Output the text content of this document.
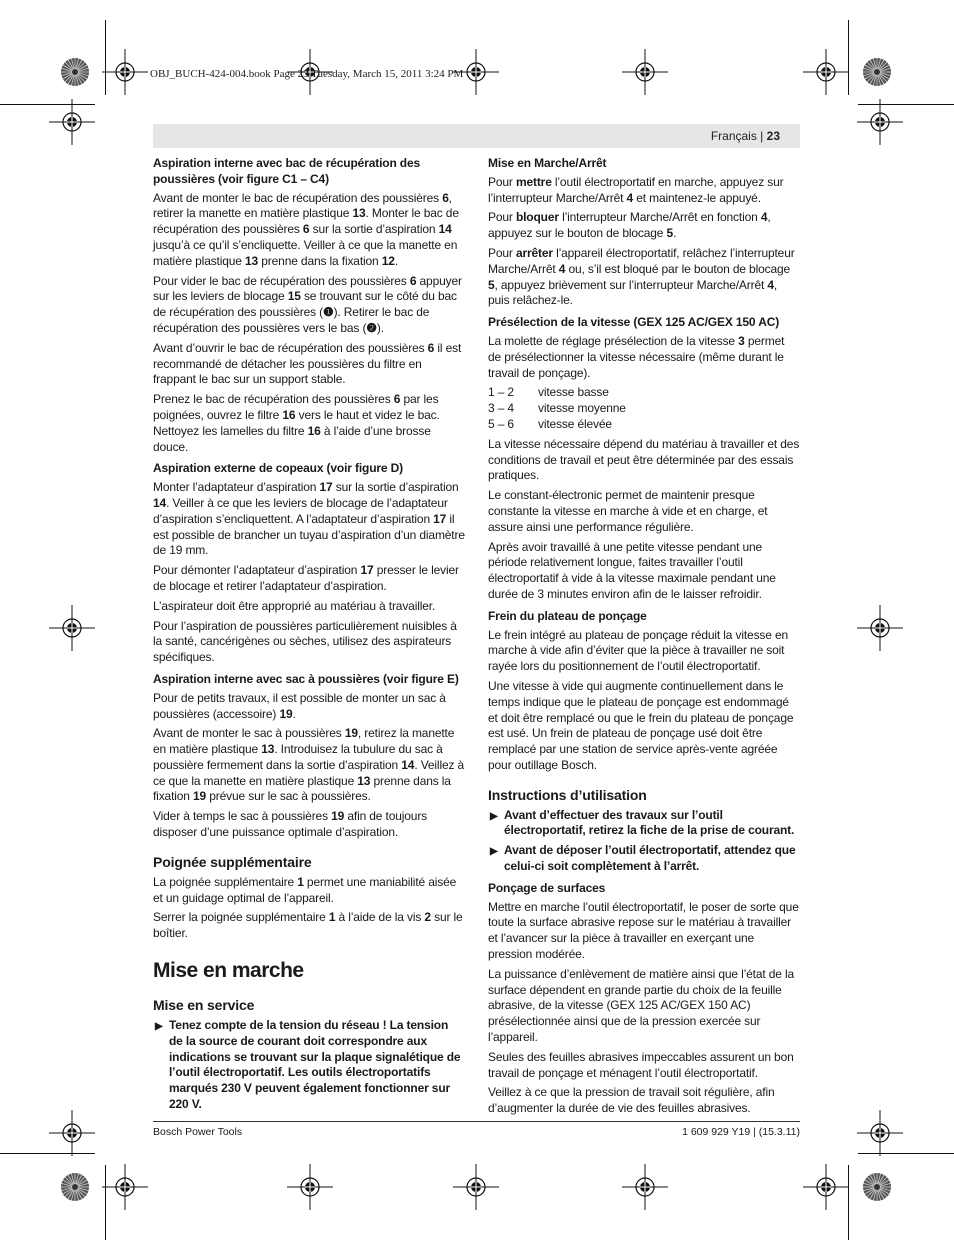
OBJ_BUCH-424-004.book Page 23 Tuesday, March 15, 2011 3:24 PM
Français | 23
Aspiration interne avec bac de récupération des poussières (voir figure C1 – C4)

Avant de monter le bac de récupération des poussières 6, retirer la manette en matière plastique 13. Monter le bac de récupération des poussières 6 sur la sortie d’aspiration 14 jusqu’à ce qu’il s’encliquette. Veiller à ce que la manette en matière plastique 13 prenne dans la fixation 12.

Pour vider le bac de récupération des poussières 6 appuyer sur les leviers de blocage 15 se trouvant sur le côté du bac de récupération des poussières (❶). Retirer le bac de récupération des poussières vers le bas (❷).

Avant d’ouvrir le bac de récupération des poussières 6 il est recommandé de détacher les poussières du filtre en frappant le bac sur un support stable.

Prenez le bac de récupération des poussières 6 par les poignées, ouvrez le filtre 16 vers le haut et videz le bac. Nettoyez les lamelles du filtre 16 à l’aide d’une brosse douce.

Aspiration externe de copeaux (voir figure D)

Monter l’adaptateur d’aspiration 17 sur la sortie d’aspiration 14. Veiller à ce que les leviers de blocage de l’adaptateur d’aspiration s’encliquettent. A l’adaptateur d’aspiration 17 il est possible de brancher un tuyau d’aspiration d’un diamètre de 19 mm.

Pour démonter l’adaptateur d’aspiration 17 presser le levier de blocage et retirer l’adaptateur d’aspiration.

L’aspirateur doit être approprié au matériau à travailler.

Pour l’aspiration de poussières particulièrement nuisibles à la santé, cancérigènes ou sèches, utilisez des aspirateurs spécifiques.

Aspiration interne avec sac à poussières (voir figure E)

Pour de petits travaux, il est possible de monter un sac à poussières (accessoire) 19.

Avant de monter le sac à poussières 19, retirez la manette en matière plastique 13. Introduisez la tubulure du sac à poussière fermement dans la sortie d’aspiration 14. Veillez à ce que la manette en matière plastique 13 prenne dans la fixation 19 prévue sur le sac à poussières.

Vider à temps le sac à poussières 19 afin de toujours disposer d’une puissance optimale d’aspiration.

Poignée supplémentaire

La poignée supplémentaire 1 permet une maniabilité aisée et un guidage optimal de l’appareil.

Serrer la poignée supplémentaire 1 à l’aide de la vis 2 sur le boîtier.

Mise en marche
Mise en service

▶ Tenez compte de la tension du réseau ! La tension de la source de courant doit correspondre aux indications se trouvant sur la plaque signalétique de l’outil électroportatif. Les outils électroportatifs marqués 230 V peuvent également fonctionner sur 220 V.

Mise en Marche/Arrêt

Pour mettre l’outil électroportatif en marche, appuyez sur l’interrupteur Marche/Arrêt 4 et maintenez-le appuyé.

Pour bloquer l’interrupteur Marche/Arrêt en fonction 4, appuyez sur le bouton de blocage 5.

Pour arrêter l’appareil électroportatif, relâchez l’interrupteur Marche/Arrêt 4 ou, s’il est bloqué par le bouton de blocage 5, appuyez brièvement sur l’interrupteur Marche/Arrêt 4, puis relâchez-le.

Présélection de la vitesse (GEX 125 AC/GEX 150 AC)

La molette de réglage présélection de la vitesse 3 permet de présélectionner la vitesse nécessaire (même durant le travail de ponçage).

1 – 2	vitesse basse
3 – 4	vitesse moyenne
5 – 6	vitesse élevée

La vitesse nécessaire dépend du matériau à travailler et des conditions de travail et peut être déterminée par des essais pratiques.

Le constant-électronic permet de maintenir presque constante la vitesse en marche à vide et en charge, et assure ainsi une performance régulière.

Après avoir travaillé à une petite vitesse pendant une période relativement longue, faites travailler l’outil électroportatif à vide à la vitesse maximale pendant une durée de 3 minutes environ afin de le laisser refroidir.

Frein du plateau de ponçage

Le frein intégré au plateau de ponçage réduit la vitesse en marche à vide afin d’éviter que la pièce à travailler ne soit rayée lors du positionnement de l’outil électroportatif.

Une vitesse à vide qui augmente continuellement dans le temps indique que le plateau de ponçage est endommagé et doit être remplacé ou que le frein du plateau de ponçage est usé. Un frein de plateau de ponçage usé doit être remplacé par une station de service après-vente agréée pour outillage Bosch.

Instructions d’utilisation

▶ Avant d’effectuer des travaux sur l’outil électroportatif, retirez la fiche de la prise de courant.

▶ Avant de déposer l’outil électroportatif, attendez que celui-ci soit complètement à l’arrêt.

Ponçage de surfaces

Mettre en marche l’outil électroportatif, le poser de sorte que toute la surface abrasive repose sur le matériau à travailler et l’avancer sur la pièce à travailler en exerçant une pression modérée.

La puissance d’enlèvement de matière ainsi que l’état de la surface dépendent en grande partie du choix de la feuille abrasive, de la vitesse (GEX 125 AC/GEX 150 AC) présélectionnée ainsi que de la pression exercée sur l’appareil.

Seules des feuilles abrasives impeccables assurent un bon travail de ponçage et ménagent l’outil électroportatif.

Veillez à ce que la pression de travail soit régulière, afin d’augmenter la durée de vie des feuilles abrasives.

Bosch Power Tools	1 609 929 Y19 | (15.3.11)
